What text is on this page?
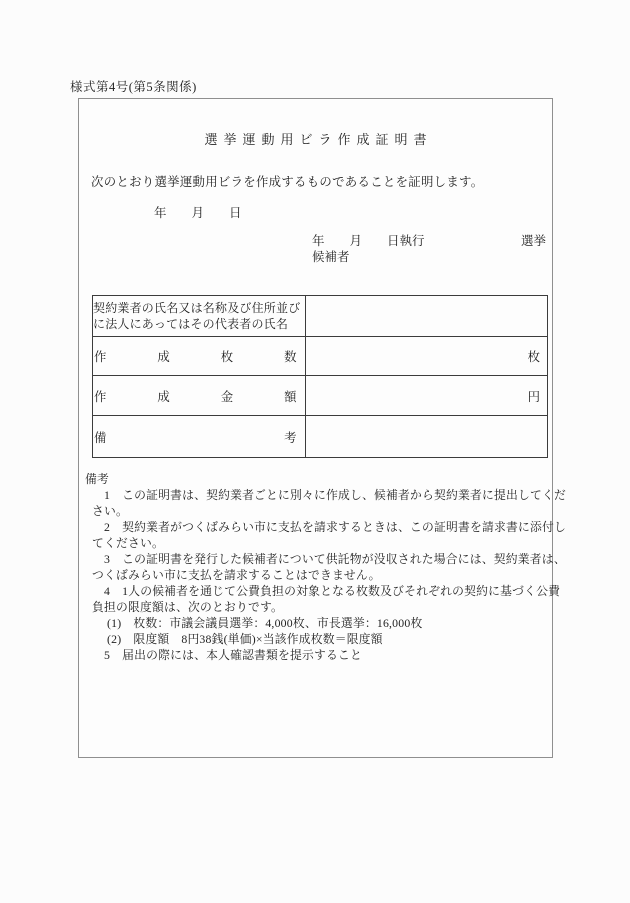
様式第4号(第5条関係)
選挙運動用ビラ作成証明書
次のとおり選挙運動用ビラを作成するものであることを証明します。
年　　月　　日
年　　月　　日執行	選挙
候補者
契約業者の氏名又は名称及び住所並び
に法人にあってはその代表者の氏名	

作成枚数	枚

作成金額	円

備考	

備考
1　この証明書は、契約業者ごとに別々に作成し、候補者から契約業者に提出してくだ
さい。
2　契約業者がつくばみらい市に支払を請求するときは、この証明書を請求書に添付し
てください。
3　この証明書を発行した候補者について供託物が没収された場合には、契約業者は、
つくばみらい市に支払を請求することはできません。
4　1人の候補者を通じて公費負担の対象となる枚数及びそれぞれの契約に基づく公費
負担の限度額は、次のとおりです。
(1)　枚数：市議会議員選挙：4,000枚、市長選挙：16,000枚
(2)　限度額　8円38銭(単価)×当該作成枚数＝限度額
5　届出の際には、本人確認書類を提示すること
